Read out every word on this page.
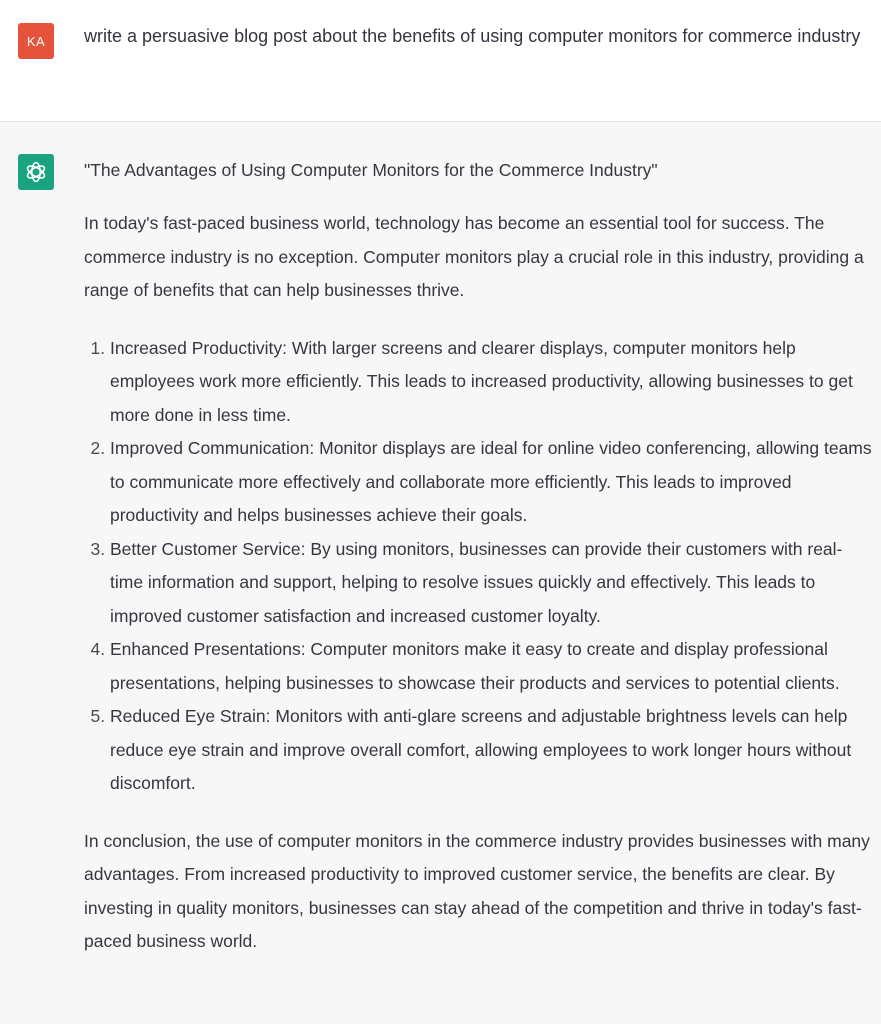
KA write a persuasive blog post about the benefits of using computer monitors for commerce industry

"The Advantages of Using Computer Monitors for the Commerce Industry"

In today's fast-paced business world, technology has become an essential tool for success. The commerce industry is no exception. Computer monitors play a crucial role in this industry, providing a range of benefits that can help businesses thrive.

1. Increased Productivity: With larger screens and clearer displays, computer monitors help employees work more efficiently. This leads to increased productivity, allowing businesses to get more done in less time.
2. Improved Communication: Monitor displays are ideal for online video conferencing, allowing teams to communicate more effectively and collaborate more efficiently. This leads to improved productivity and helps businesses achieve their goals.
3. Better Customer Service: By using monitors, businesses can provide their customers with real-time information and support, helping to resolve issues quickly and effectively. This leads to improved customer satisfaction and increased customer loyalty.
4. Enhanced Presentations: Computer monitors make it easy to create and display professional presentations, helping businesses to showcase their products and services to potential clients.
5. Reduced Eye Strain: Monitors with anti-glare screens and adjustable brightness levels can help reduce eye strain and improve overall comfort, allowing employees to work longer hours without discomfort.

In conclusion, the use of computer monitors in the commerce industry provides businesses with many advantages. From increased productivity to improved customer service, the benefits are clear. By investing in quality monitors, businesses can stay ahead of the competition and thrive in today's fast-paced business world.
